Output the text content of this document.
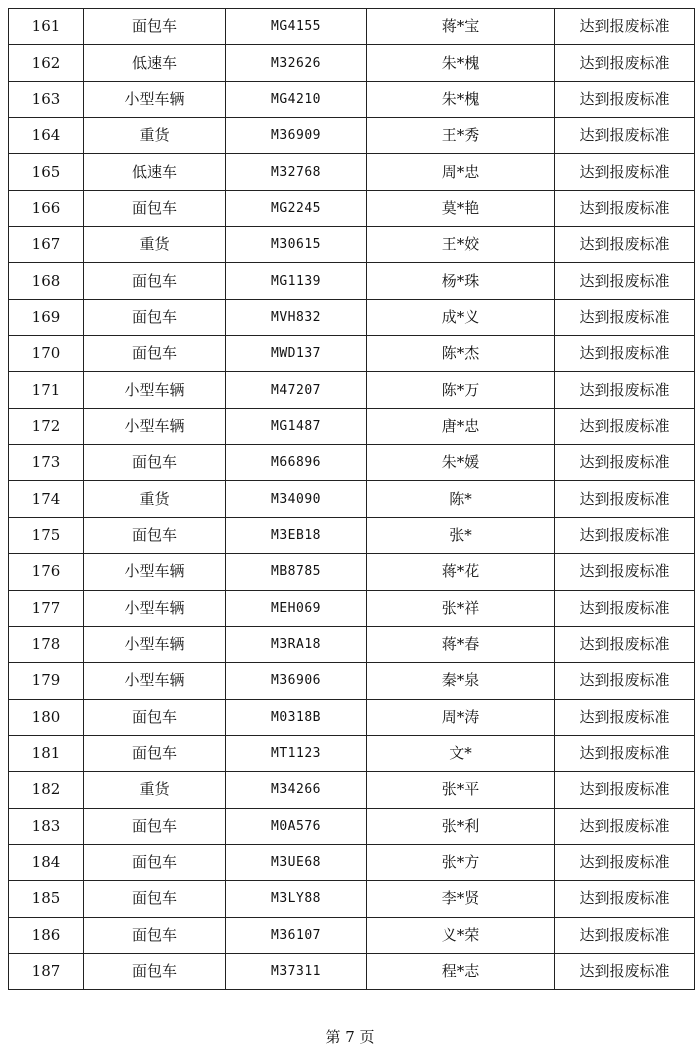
161	面包车	MG4155	蒋*宝	达到报废标准
162	低速车	M32626	朱*槐	达到报废标准
163	小型车辆	MG4210	朱*槐	达到报废标准
164	重货	M36909	王*秀	达到报废标准
165	低速车	M32768	周*忠	达到报废标准
166	面包车	MG2245	莫*艳	达到报废标准
167	重货	M30615	王*姣	达到报废标准
168	面包车	MG1139	杨*珠	达到报废标准
169	面包车	MVH832	成*义	达到报废标准
170	面包车	MWD137	陈*杰	达到报废标准
171	小型车辆	M47207	陈*万	达到报废标准
172	小型车辆	MG1487	唐*忠	达到报废标准
173	面包车	M66896	朱*媛	达到报废标准
174	重货	M34090	陈*	达到报废标准
175	面包车	M3EB18	张*	达到报废标准
176	小型车辆	MB8785	蒋*花	达到报废标准
177	小型车辆	MEH069	张*祥	达到报废标准
178	小型车辆	M3RA18	蒋*春	达到报废标准
179	小型车辆	M36906	秦*泉	达到报废标准
180	面包车	M0318B	周*涛	达到报废标准
181	面包车	MT1123	文*	达到报废标准
182	重货	M34266	张*平	达到报废标准
183	面包车	M0A576	张*利	达到报废标准
184	面包车	M3UE68	张*方	达到报废标准
185	面包车	M3LY88	李*贤	达到报废标准
186	面包车	M36107	义*荣	达到报废标准
187	面包车	M37311	程*志	达到报废标准
第 7 页
